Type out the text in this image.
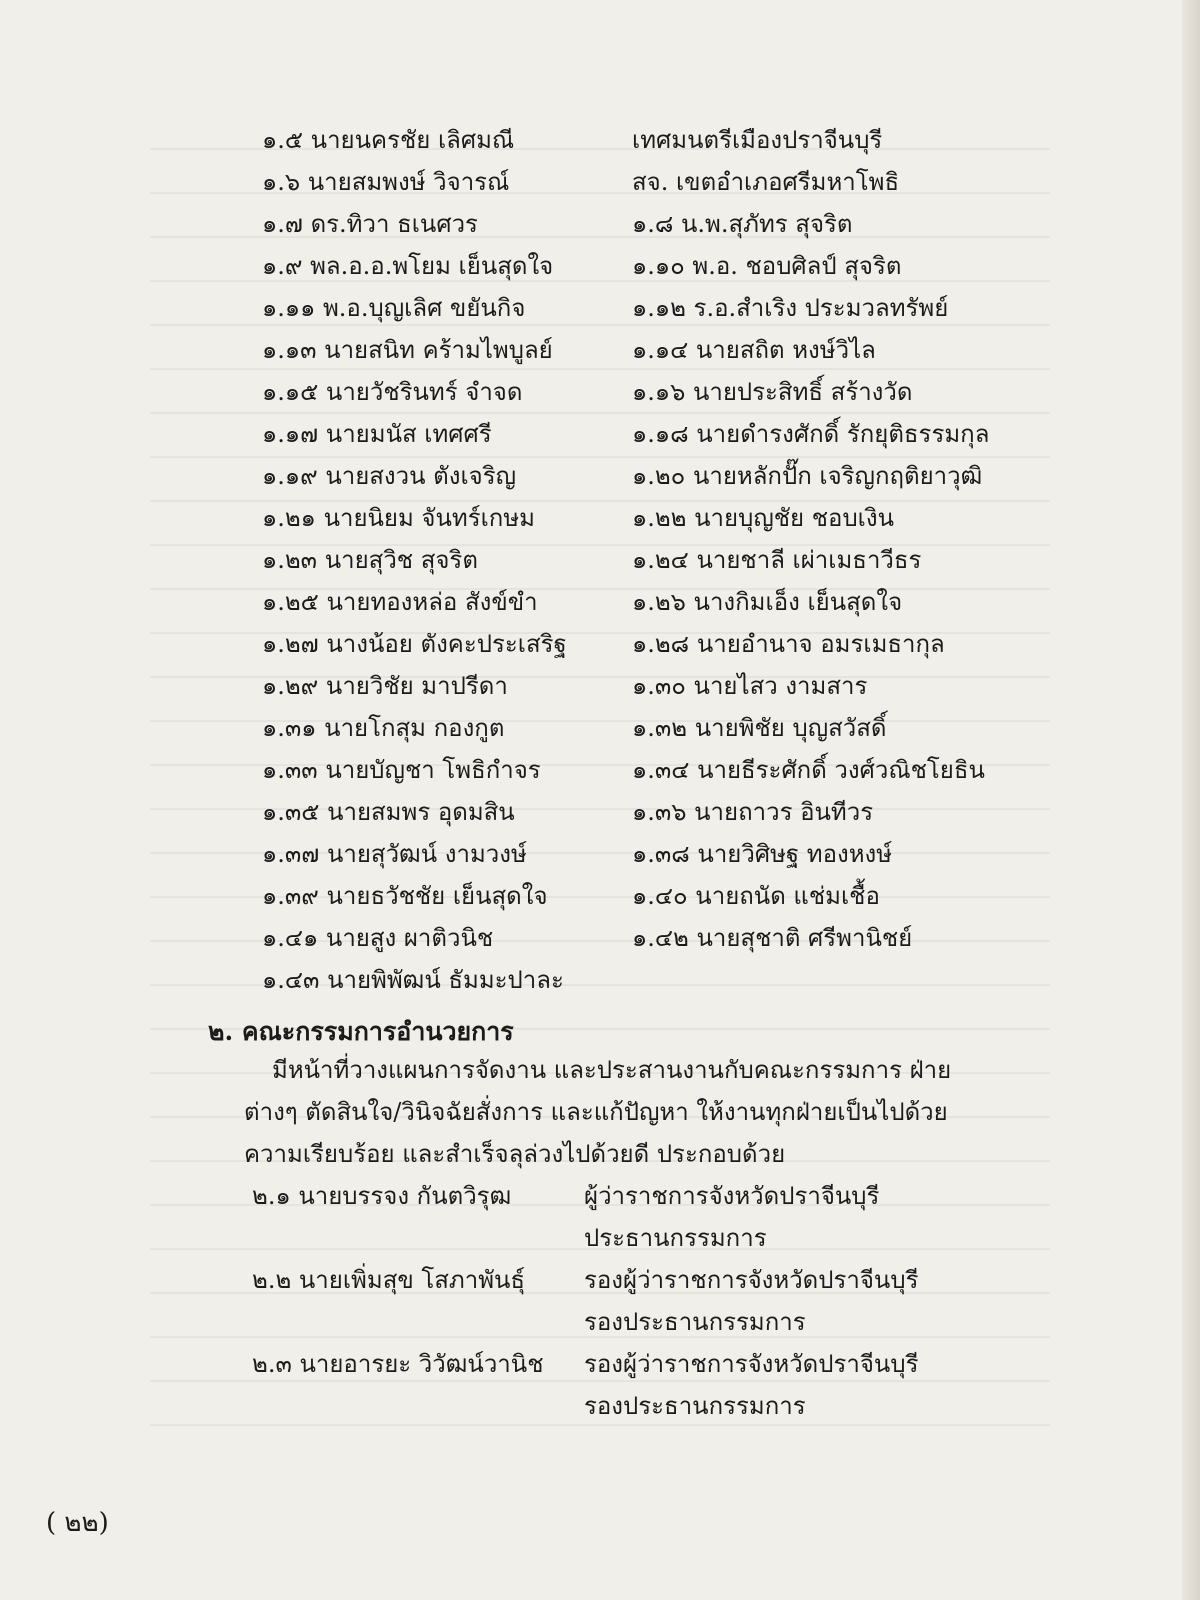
๑.๕ นายนครชัย เลิศมณี
๑.๖ นายสมพงษ์ วิจารณ์
๑.๗ ดร.ทิวา ธเนศวร
๑.๙ พล.อ.อ.พโยม เย็นสุดใจ
๑.๑๑ พ.อ.บุญเลิศ ขยันกิจ
๑.๑๓ นายสนิท คร้ามไพบูลย์
๑.๑๕ นายวัชรินทร์ จำจด
๑.๑๗ นายมนัส เทศศรี
๑.๑๙ นายสงวน ตังเจริญ
๑.๒๑ นายนิยม จันทร์เกษม
๑.๒๓ นายสุวิช สุจริต
๑.๒๕ นายทองหล่อ สังข์ขำ
๑.๒๗ นางน้อย ตังคะประเสริฐ
๑.๒๙ นายวิชัย มาปรีดา
๑.๓๑ นายโกสุม กองกูต
๑.๓๓ นายบัญชา โพธิกำจร
๑.๓๕ นายสมพร อุดมสิน
๑.๓๗ นายสุวัฒน์ งามวงษ์
๑.๓๙ นายธวัชชัย เย็นสุดใจ
๑.๔๑ นายสูง ผาติวนิช
๑.๔๓ นายพิพัฒน์ ธัมมะปาละ
เทศมนตรีเมืองปราจีนบุรี
สจ. เขตอำเภอศรีมหาโพธิ
๑.๘ น.พ.สุภัทร สุจริต
๑.๑๐ พ.อ. ชอบศิลป์ สุจริต
๑.๑๒ ร.อ.สำเริง ประมวลทรัพย์
๑.๑๔ นายสถิต หงษ์วิไล
๑.๑๖ นายประสิทธิ์ สร้างวัด
๑.๑๘ นายดำรงศักดิ์ รักยุติธรรมกุล
๑.๒๐ นายหลักปั๊ก เจริญกฤติยาวุฒิ
๑.๒๒ นายบุญชัย ชอบเงิน
๑.๒๔ นายชาลี เผ่าเมธาวีธร
๑.๒๖ นางกิมเอ็ง เย็นสุดใจ
๑.๒๘ นายอำนาจ อมรเมธากุล
๑.๓๐ นายไสว งามสาร
๑.๓๒ นายพิชัย บุญสวัสดิ์
๑.๓๔ นายธีระศักดิ์ วงศ์วณิชโยธิน
๑.๓๖ นายถาวร อินทีวร
๑.๓๘ นายวิศิษฐ ทองหงษ์
๑.๔๐ นายถนัด แช่มเชื้อ
๑.๔๒ นายสุชาติ ศรีพานิชย์
๒. คณะกรรมการอำนวยการ
มีหน้าที่วางแผนการจัดงาน และประสานงานกับคณะกรรมการ ฝ่าย
ต่างๆ ตัดสินใจ/วินิจฉัยสั่งการ และแก้ปัญหา ให้งานทุกฝ่ายเป็นไปด้วย
ความเรียบร้อย และสำเร็จลุล่วงไปด้วยดี ประกอบด้วย
๒.๑ นายบรรจง กันตวิรุฒ	ผู้ว่าราชการจังหวัดปราจีนบุรี
ประธานกรรมการ
๒.๒ นายเพิ่มสุข โสภาพันธุ์ รองผู้ว่าราชการจังหวัดปราจีนบุรี
รองประธานกรรมการ
๒.๓ นายอารยะ วิวัฒน์วานิช รองผู้ว่าราชการจังหวัดปราจีนบุรี
รองประธานกรรมการ
( ๒๒)
